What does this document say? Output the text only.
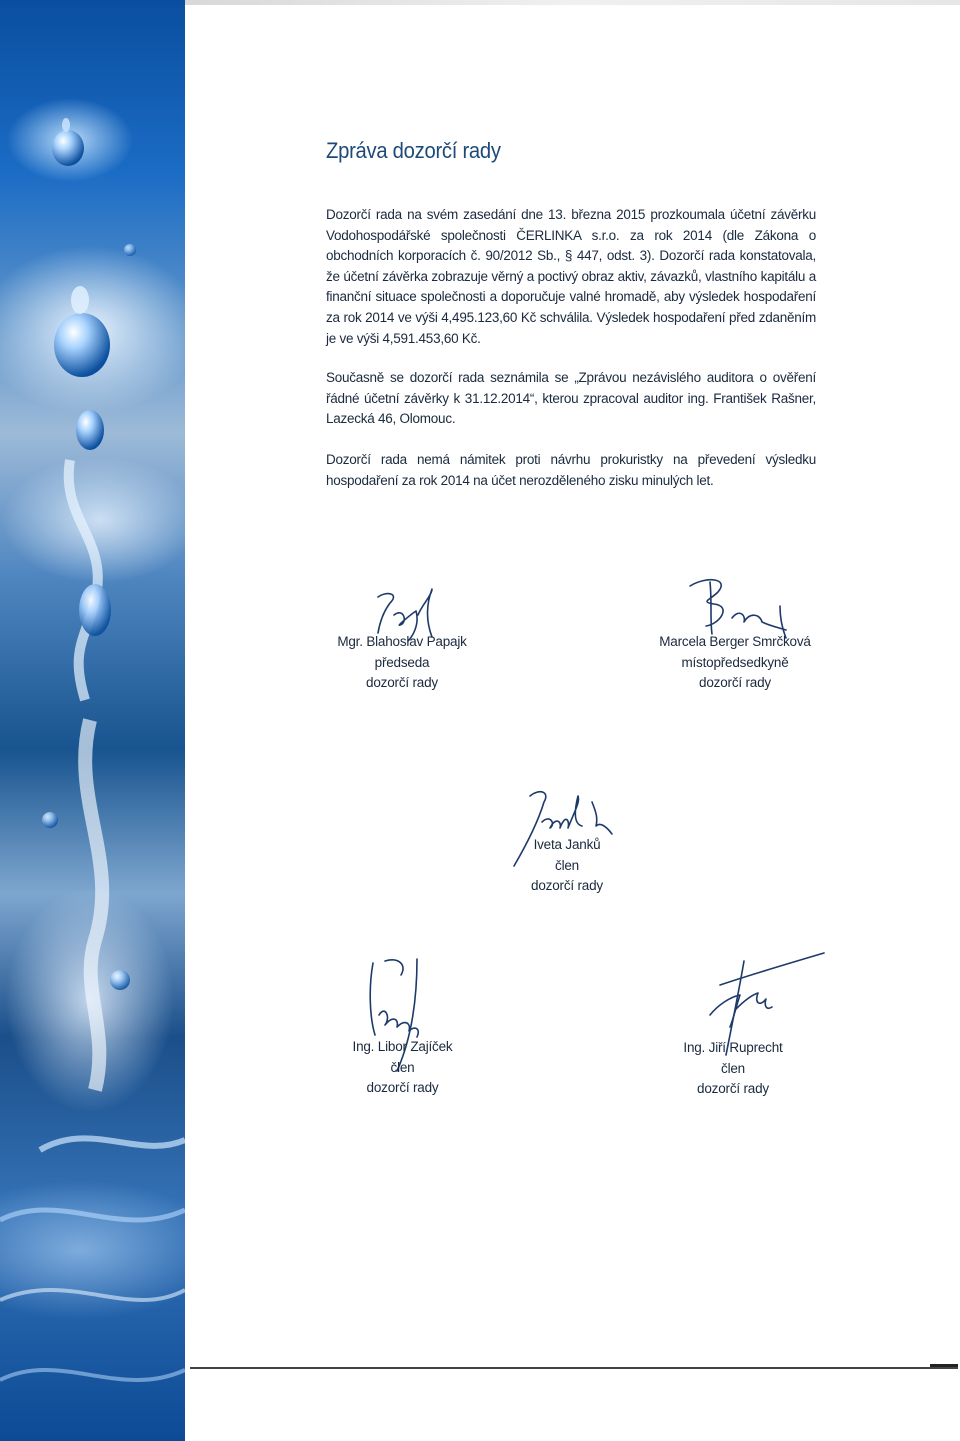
Zpráva dozorčí rady
Dozorčí rada na svém zasedání dne 13. března 2015 prozkoumala účetní závěrku Vodohospodářské společnosti ČERLINKA s.r.o. za rok 2014 (dle Zákona o obchodních korporacích č. 90/2012 Sb., § 447, odst. 3). Dozorčí rada konstatovala, že účetní závěrka zobrazuje věrný a poctivý obraz aktiv, závazků, vlastního kapitálu a finanční situace společnosti a doporučuje valné hromadě, aby výsledek hospodaření za rok 2014 ve výši 4,495.123,60 Kč schválila. Výsledek hospodaření před zdaněním je ve výši 4,591.453,60 Kč.
Současně se dozorčí rada seznámila se „Zprávou nezávislého auditora o ověření řádné účetní závěrky k 31.12.2014“, kterou zpracoval auditor ing. František Rašner, Lazecká 46, Olomouc.
Dozorčí rada nemá námitek proti návrhu prokuristky na převedení výsledku hospodaření za rok 2014 na účet nerozděleného zisku minulých let.
Mgr. Blahoslav Papajk
předseda
dozorčí rady
Marcela Berger Smrčková
místopředsedkyně
dozorčí rady
Iveta Janků
člen
dozorčí rady
Ing. Libor Zajíček
člen
dozorčí rady
Ing. Jiří Ruprecht
člen
dozorčí rady
